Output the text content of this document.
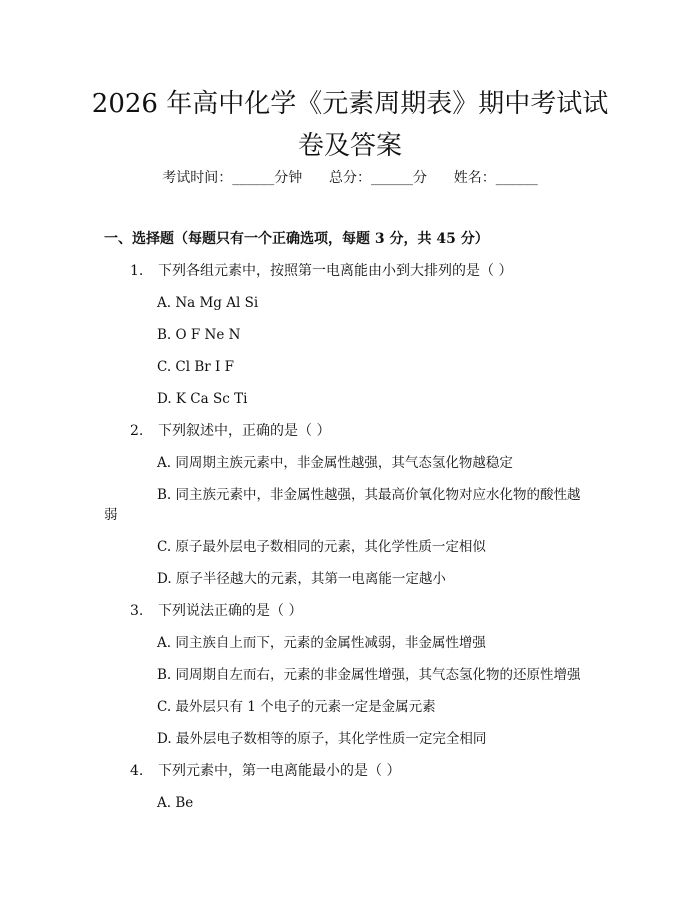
2026 年高中化学《元素周期表》期中考试试
卷及答案
考试时间：______分钟 总分：______分 姓名：______
一、选择题（每题只有一个正确选项，每题 3 分，共 45 分）
1. 下列各组元素中，按照第一电离能由小到大排列的是（ ）
A. Na Mg Al Si
B. O F Ne N
C. Cl Br I F
D. K Ca Sc Ti
2. 下列叙述中，正确的是（ ）
A. 同周期主族元素中，非金属性越强，其气态氢化物越稳定
B. 同主族元素中，非金属性越强，其最高价氧化物对应水化物的酸性越
弱
C. 原子最外层电子数相同的元素，其化学性质一定相似
D. 原子半径越大的元素，其第一电离能一定越小
3. 下列说法正确的是（ ）
A. 同主族自上而下，元素的金属性减弱，非金属性增强
B. 同周期自左而右，元素的非金属性增强，其气态氢化物的还原性增强
C. 最外层只有 1 个电子的元素一定是金属元素
D. 最外层电子数相等的原子，其化学性质一定完全相同
4. 下列元素中，第一电离能最小的是（ ）
A. Be
